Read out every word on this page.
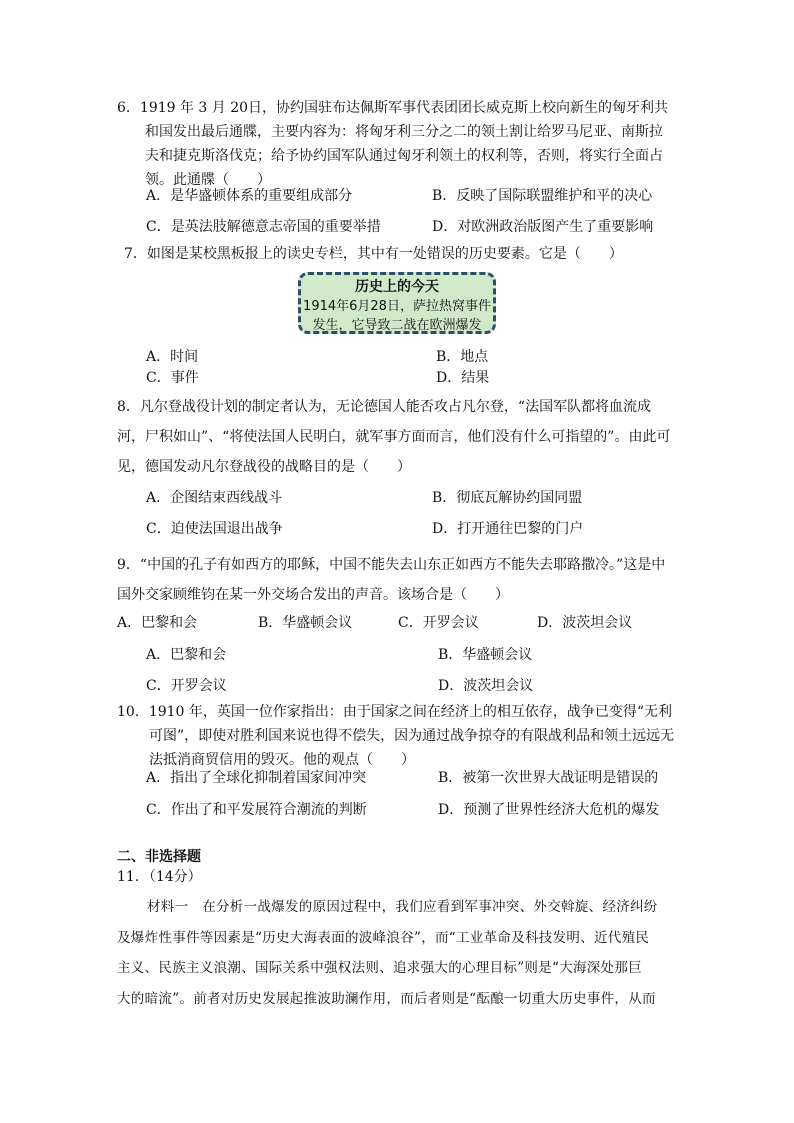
6．1919 年 3 月 20日，协约国驻布达佩斯军事代表团团长威克斯上校向新生的匈牙利共
和国发出最后通牒，主要内容为：将匈牙利三分之二的领土割让给罗马尼亚、南斯拉
夫和捷克斯洛伐克；给予协约国军队通过匈牙利领土的权利等，否则，将实行全面占
领。此通牒（　　）
A．是华盛顿体系的重要组成部分	B．反映了国际联盟维护和平的决心
C．是英法肢解德意志帝国的重要举措	D．对欧洲政治版图产生了重要影响
7．如图是某校黑板报上的读史专栏，其中有一处错误的历史要素。它是（　　）
历史上的今天
1914年6月28日，萨拉热窝事件
发生，它导致二战在欧洲爆发
A．时间	B．地点
C．事件	D．结果
8．凡尔登战役计划的制定者认为，无论德国人能否攻占凡尔登，“法国军队都将血流成
河，尸积如山”、“将使法国人民明白，就军事方面而言，他们没有什么可指望的”。由此可
见，德国发动凡尔登战役的战略目的是（　　）
A．企图结束西线战斗	B．彻底瓦解协约国同盟
C．迫使法国退出战争	D．打开通往巴黎的门户
9．“中国的孔子有如西方的耶稣，中国不能失去山东正如西方不能失去耶路撒冷。”这是中
国外交家顾维钧在某一外交场合发出的声音。该场合是（　　）
A．巴黎和会	B．华盛顿会议	C．开罗会议	D．波茨坦会议
A．巴黎和会	B．华盛顿会议
C．开罗会议	D．波茨坦会议
10．1910 年，英国一位作家指出：由于国家之间在经济上的相互依存，战争已变得“无利
可图”，即使对胜利国来说也得不偿失，因为通过战争掠夺的有限战利品和领土远远无
法抵消商贸信用的毁灭。他的观点（　　）
A．指出了全球化抑制着国家间冲突	B．被第一次世界大战证明是错误的
C．作出了和平发展符合潮流的判断	D．预测了世界性经济大危机的爆发
二、非选择题
11．（14分）
材料一　在分析一战爆发的原因过程中，我们应看到军事冲突、外交斡旋、经济纠纷
及爆炸性事件等因素是“历史大海表面的波峰浪谷”，而“工业革命及科技发明、近代殖民
主义、民族主义浪潮、国际关系中强权法则、追求强大的心理目标”则是“大海深处那巨
大的暗流”。前者对历史发展起推波助澜作用，而后者则是“酝酿一切重大历史事件，从而
